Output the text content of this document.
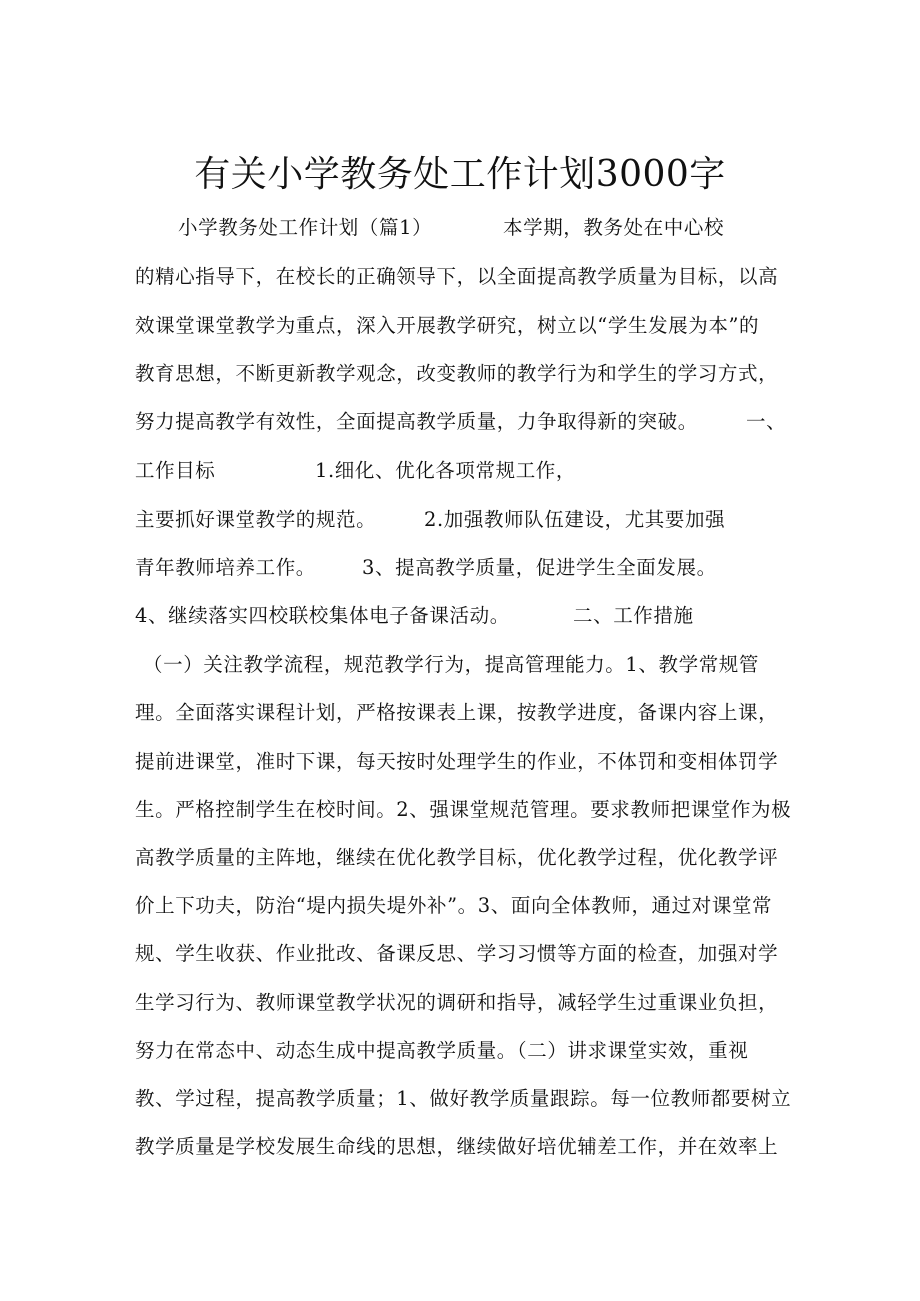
有关小学教务处工作计划3000字
小学教务处工作计划（篇1）	本学期，教务处在中心校
的精心指导下，在校长的正确领导下，以全面提高教学质量为目标，以高
效课堂课堂教学为重点，深入开展教学研究，树立以“学生发展为本”的
教育思想，不断更新教学观念，改变教师的教学行为和学生的学习方式，
努力提高教学有效性，全面提高教学质量，力争取得新的突破。 一、
工作目标	1.细化、优化各项常规工作，
主要抓好课堂教学的规范。 2.加强教师队伍建设，尤其要加强
青年教师培养工作。 3、提高教学质量，促进学生全面发展。
4、继续落实四校联校集体电子备课活动。	二、工作措施
（一）关注教学流程，规范教学行为，提高管理能力。1、教学常规管
理。全面落实课程计划，严格按课表上课，按教学进度，备课内容上课，
提前进课堂，准时下课，每天按时处理学生的作业，不体罚和变相体罚学
生。严格控制学生在校时间。2、强课堂规范管理。要求教师把课堂作为极
高教学质量的主阵地，继续在优化教学目标，优化教学过程，优化教学评
价上下功夫，防治“堤内损失堤外补”。3、面向全体教师，通过对课堂常
规、学生收获、作业批改、备课反思、学习习惯等方面的检查，加强对学
生学习行为、教师课堂教学状况的调研和指导，减轻学生过重课业负担，
努力在常态中、动态生成中提高教学质量。（二）讲求课堂实效，重视
教、学过程，提高教学质量；1、做好教学质量跟踪。每一位教师都要树立
教学质量是学校发展生命线的思想，继续做好培优辅差工作，并在效率上
